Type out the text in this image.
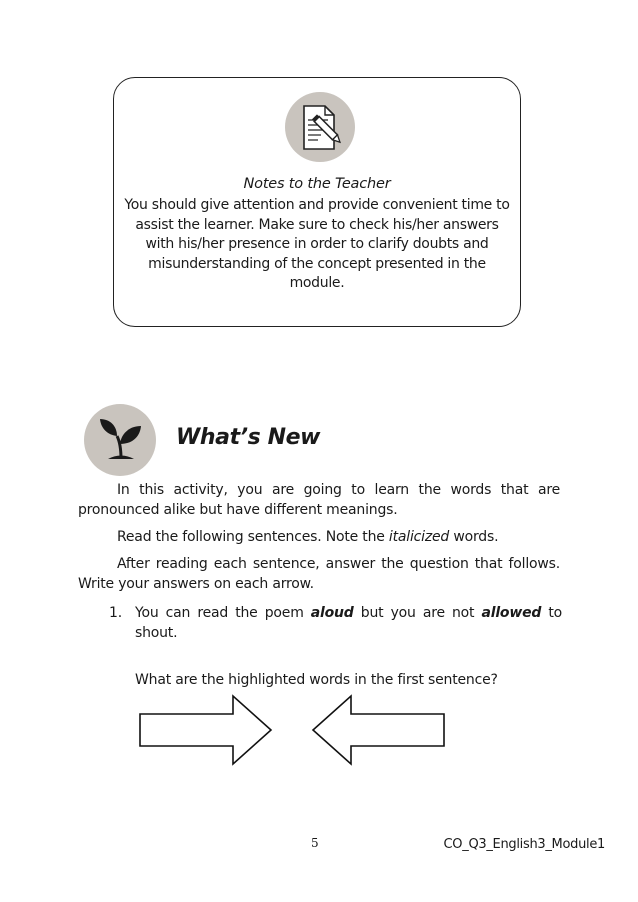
Notes to the Teacher
You should give attention and provide convenient time to assist the learner. Make sure to check his/her answers with his/her presence in order to clarify doubts and misunderstanding of the concept presented in the module.
What’s New
In this activity, you are going to learn the words that are pronounced alike but have different meanings.
Read the following sentences. Note the italicized words.
After reading each sentence, answer the question that follows. Write your answers on each arrow.
1. You can read the poem aloud but you are not allowed to shout.
What are the highlighted words in the first sentence?
5	CO_Q3_English3_Module1
